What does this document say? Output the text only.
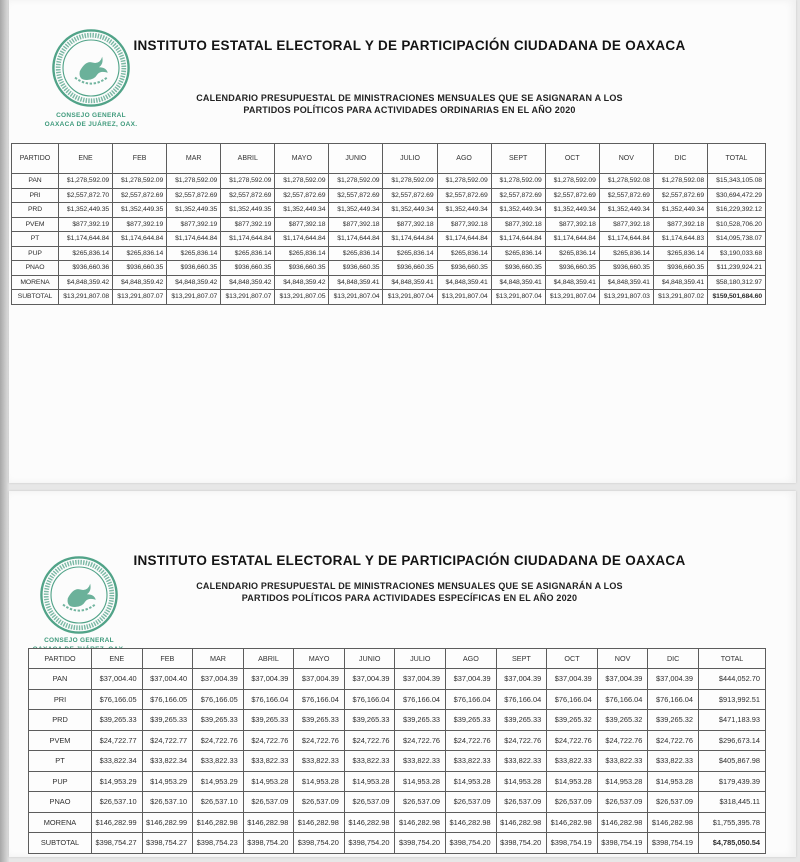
CONSEJO GENERAL
OAXACA DE JUÁREZ, OAX.
INSTITUTO ESTATAL ELECTORAL Y DE PARTICIPACIÓN CIUDADANA DE OAXACA
CALENDARIO PRESUPUESTAL DE MINISTRACIONES MENSUALES QUE SE ASIGNARAN A LOS
PARTIDOS POLÍTICOS PARA ACTIVIDADES ORDINARIAS EN EL AÑO 2020
PARTIDO	ENE	FEB	MAR	ABRIL	MAYO	JUNIO	JULIO	AGO	SEPT	OCT	NOV	DIC	TOTAL
PAN	$1,278,592.09	$1,278,592.09	$1,278,592.09	$1,278,592.09	$1,278,592.09	$1,278,592.09	$1,278,592.09	$1,278,592.09	$1,278,592.09	$1,278,592.09	$1,278,592.08	$1,278,592.08	$15,343,105.08
PRI	$2,557,872.70	$2,557,872.69	$2,557,872.69	$2,557,872.69	$2,557,872.69	$2,557,872.69	$2,557,872.69	$2,557,872.69	$2,557,872.69	$2,557,872.69	$2,557,872.69	$2,557,872.69	$30,694,472.29
PRD	$1,352,449.35	$1,352,449.35	$1,352,449.35	$1,352,449.35	$1,352,449.34	$1,352,449.34	$1,352,449.34	$1,352,449.34	$1,352,449.34	$1,352,449.34	$1,352,449.34	$1,352,449.34	$16,229,392.12
PVEM	$877,392.19	$877,392.19	$877,392.19	$877,392.19	$877,392.18	$877,392.18	$877,392.18	$877,392.18	$877,392.18	$877,392.18	$877,392.18	$877,392.18	$10,528,706.20
PT	$1,174,644.84	$1,174,644.84	$1,174,644.84	$1,174,644.84	$1,174,644.84	$1,174,644.84	$1,174,644.84	$1,174,644.84	$1,174,644.84	$1,174,644.84	$1,174,644.84	$1,174,644.83	$14,095,738.07
PUP	$265,836.14	$265,836.14	$265,836.14	$265,836.14	$265,836.14	$265,836.14	$265,836.14	$265,836.14	$265,836.14	$265,836.14	$265,836.14	$265,836.14	$3,190,033.68
PNAO	$936,660.36	$936,660.35	$936,660.35	$936,660.35	$936,660.35	$936,660.35	$936,660.35	$936,660.35	$936,660.35	$936,660.35	$936,660.35	$936,660.35	$11,239,924.21
MORENA	$4,848,359.42	$4,848,359.42	$4,848,359.42	$4,848,359.42	$4,848,359.42	$4,848,359.41	$4,848,359.41	$4,848,359.41	$4,848,359.41	$4,848,359.41	$4,848,359.41	$4,848,359.41	$58,180,312.97
SUBTOTAL	$13,291,807.08	$13,291,807.07	$13,291,807.07	$13,291,807.07	$13,291,807.05	$13,291,807.04	$13,291,807.04	$13,291,807.04	$13,291,807.04	$13,291,807.04	$13,291,807.03	$13,291,807.02	$159,501,684.60
CONSEJO GENERAL
INSTITUTO ESTATAL ELECTORAL Y DE PARTICIPACIÓN CIUDADANA DE OAXACA
CALENDARIO PRESUPUESTAL DE MINISTRACIONES MENSUALES QUE SE ASIGNARÁN A LOS
PARTIDOS POLÍTICOS PARA ACTIVIDADES ESPECÍFICAS EN EL AÑO 2020
PARTIDO	ENE	FEB	MAR	ABRIL	MAYO	JUNIO	JULIO	AGO	SEPT	OCT	NOV	DIC	TOTAL
PAN	$37,004.40	$37,004.40	$37,004.39	$37,004.39	$37,004.39	$37,004.39	$37,004.39	$37,004.39	$37,004.39	$37,004.39	$37,004.39	$37,004.39	$444,052.70
PRI	$76,166.05	$76,166.05	$76,166.05	$76,166.04	$76,166.04	$76,166.04	$76,166.04	$76,166.04	$76,166.04	$76,166.04	$76,166.04	$76,166.04	$913,992.51
PRD	$39,265.33	$39,265.33	$39,265.33	$39,265.33	$39,265.33	$39,265.33	$39,265.33	$39,265.33	$39,265.33	$39,265.32	$39,265.32	$39,265.32	$471,183.93
PVEM	$24,722.77	$24,722.77	$24,722.76	$24,722.76	$24,722.76	$24,722.76	$24,722.76	$24,722.76	$24,722.76	$24,722.76	$24,722.76	$24,722.76	$296,673.14
PT	$33,822.34	$33,822.34	$33,822.33	$33,822.33	$33,822.33	$33,822.33	$33,822.33	$33,822.33	$33,822.33	$33,822.33	$33,822.33	$33,822.33	$405,867.98
PUP	$14,953.29	$14,953.29	$14,953.29	$14,953.28	$14,953.28	$14,953.28	$14,953.28	$14,953.28	$14,953.28	$14,953.28	$14,953.28	$14,953.28	$179,439.39
PNAO	$26,537.10	$26,537.10	$26,537.10	$26,537.09	$26,537.09	$26,537.09	$26,537.09	$26,537.09	$26,537.09	$26,537.09	$26,537.09	$26,537.09	$318,445.11
MORENA	$146,282.99	$146,282.99	$146,282.98	$146,282.98	$146,282.98	$146,282.98	$146,282.98	$146,282.98	$146,282.98	$146,282.98	$146,282.98	$146,282.98	$1,755,395.78
SUBTOTAL	$398,754.27	$398,754.27	$398,754.23	$398,754.20	$398,754.20	$398,754.20	$398,754.20	$398,754.20	$398,754.20	$398,754.19	$398,754.19	$398,754.19	$4,785,050.54
